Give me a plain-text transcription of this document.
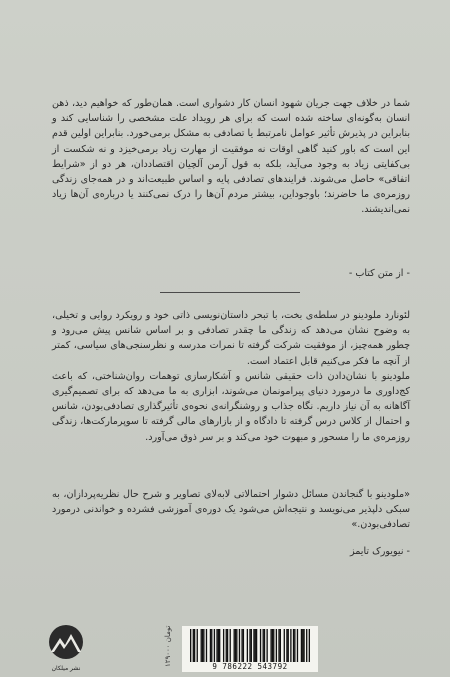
شما در خلاف جهت جریان شهود انسان کار دشواری است. همان‌طور که خواهیم دید، ذهن انسان به‌گونه‌ای ساخته شده است که برای هر رویداد علت مشخصی را شناسایی کند و بنابراین در پذیرش تأثیر عوامل نامرتبط یا تصادفی به مشکل برمی‌خورد. بنابراین اولین قدم این است که باور کنید گاهی اوقات نه موفقیت از مهارت زیاد برمی‌خیزد و نه شکست از بی‌کفایتی زیاد به وجود می‌آید، بلکه به قول آرمن آلچیان اقتصاددان، هر دو از «شرایط اتفاقی» حاصل می‌شوند. فرایندهای تصادفی پایه و اساس طبیعت‌اند و در همه‌جای زندگی روزمره‌ی ما حاضرند؛ باوجوداین، بیشتر مردم آن‌ها را درک نمی‌کنند یا درباره‌ی آن‌ها زیاد نمی‌اندیشند.

- از متن کتاب -

لئونارد ملودینو در سلطه‌ی بخت، با تبحر داستان‌نویسی ذاتی خود و رویکرد روایی و تخیلی، به وضوح نشان می‌دهد که زندگی ما چقدر تصادفی و بر اساس شانس پیش می‌رود و چطور همه‌چیز، از موفقیت شرکت گرفته تا نمرات مدرسه و نظرسنجی‌های سیاسی، کمتر از آنچه ما فکر می‌کنیم قابل اعتماد است.

ملودینو با نشان‌دادن ذات حقیقی شانس و آشکارسازی توهمات روان‌شناختی، که باعث کج‌داوری ما درمورد دنیای پیرامونمان می‌شوند، ابزاری به ما می‌دهد که برای تصمیم‌گیری آگاهانه به آن نیاز داریم. نگاه جذاب و روشنگرانه‌ی نحوه‌ی تأثیرگذاری تصادفی‌بودن، شانس و احتمال از کلاس درس گرفته تا دادگاه و از بازارهای مالی گرفته تا سوپرمارکت‌ها، زندگی روزمره‌ی ما را مسحور و مبهوت خود می‌کند و بر سر ذوق می‌آورد.

«ملودینو با گنجاندن مسائل دشوار احتمالاتی لابه‌لای تصاویر و شرح حال نظریه‌پردازان، به سبکی دلپذیر می‌نویسد و نتیجه‌اش می‌شود یک دوره‌ی آموزشی فشرده و خواندنی درمورد تصادفی‌بودن.»

- نیویورک تایمز
۱۲۹۰۰۰ تومان
9 786222 543792
نشر میلکان
